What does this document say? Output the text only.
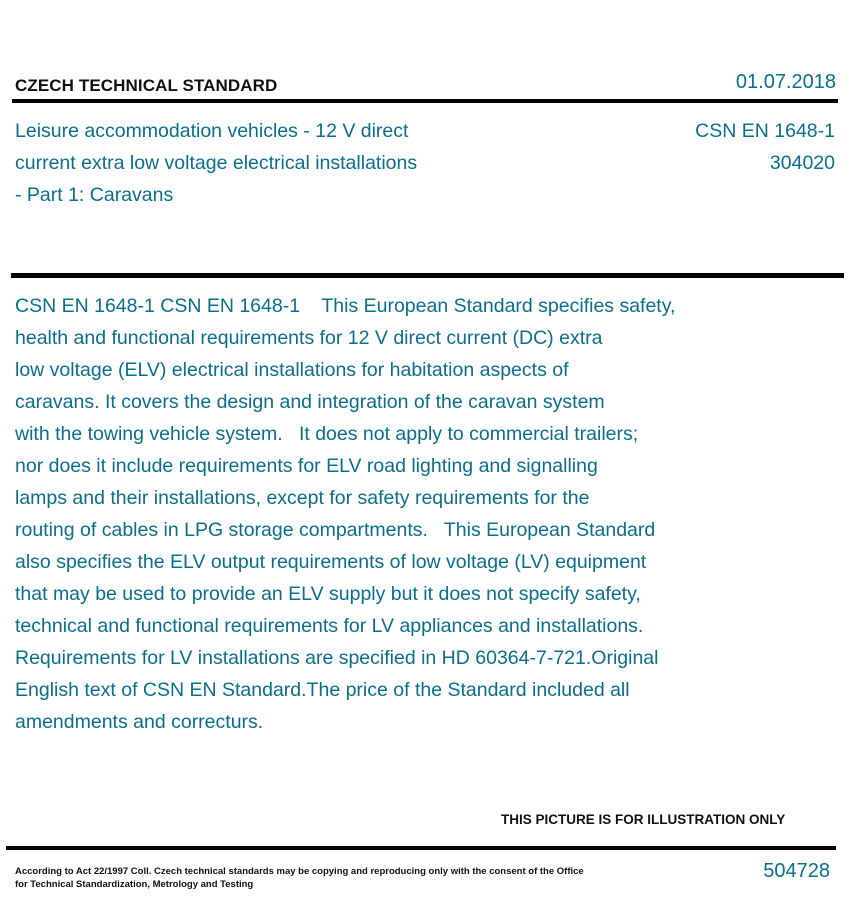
CZECH TECHNICAL STANDARD	01.07.2018
Leisure accommodation vehicles - 12 V direct
current extra low voltage electrical installations
- Part 1: Caravans
CSN EN 1648-1
304020
CSN EN 1648-1 CSN EN 1648-1    This European Standard specifies safety,
health and functional requirements for 12 V direct current (DC) extra
low voltage (ELV) electrical installations for habitation aspects of
caravans. It covers the design and integration of the caravan system
with the towing vehicle system.   It does not apply to commercial trailers;
nor does it include requirements for ELV road lighting and signalling
lamps and their installations, except for safety requirements for the
routing of cables in LPG storage compartments.   This European Standard
also specifies the ELV output requirements of low voltage (LV) equipment
that may be used to provide an ELV supply but it does not specify safety,
technical and functional requirements for LV appliances and installations.
Requirements for LV installations are specified in HD 60364-7-721.Original
English text of CSN EN Standard.The price of the Standard included all
amendments and correcturs.
THIS PICTURE IS FOR ILLUSTRATION ONLY
According to Act 22/1997 Coll. Czech technical standards may be copying and reproducing only with the consent of the Office
for Technical Standardization, Metrology and Testing
504728
